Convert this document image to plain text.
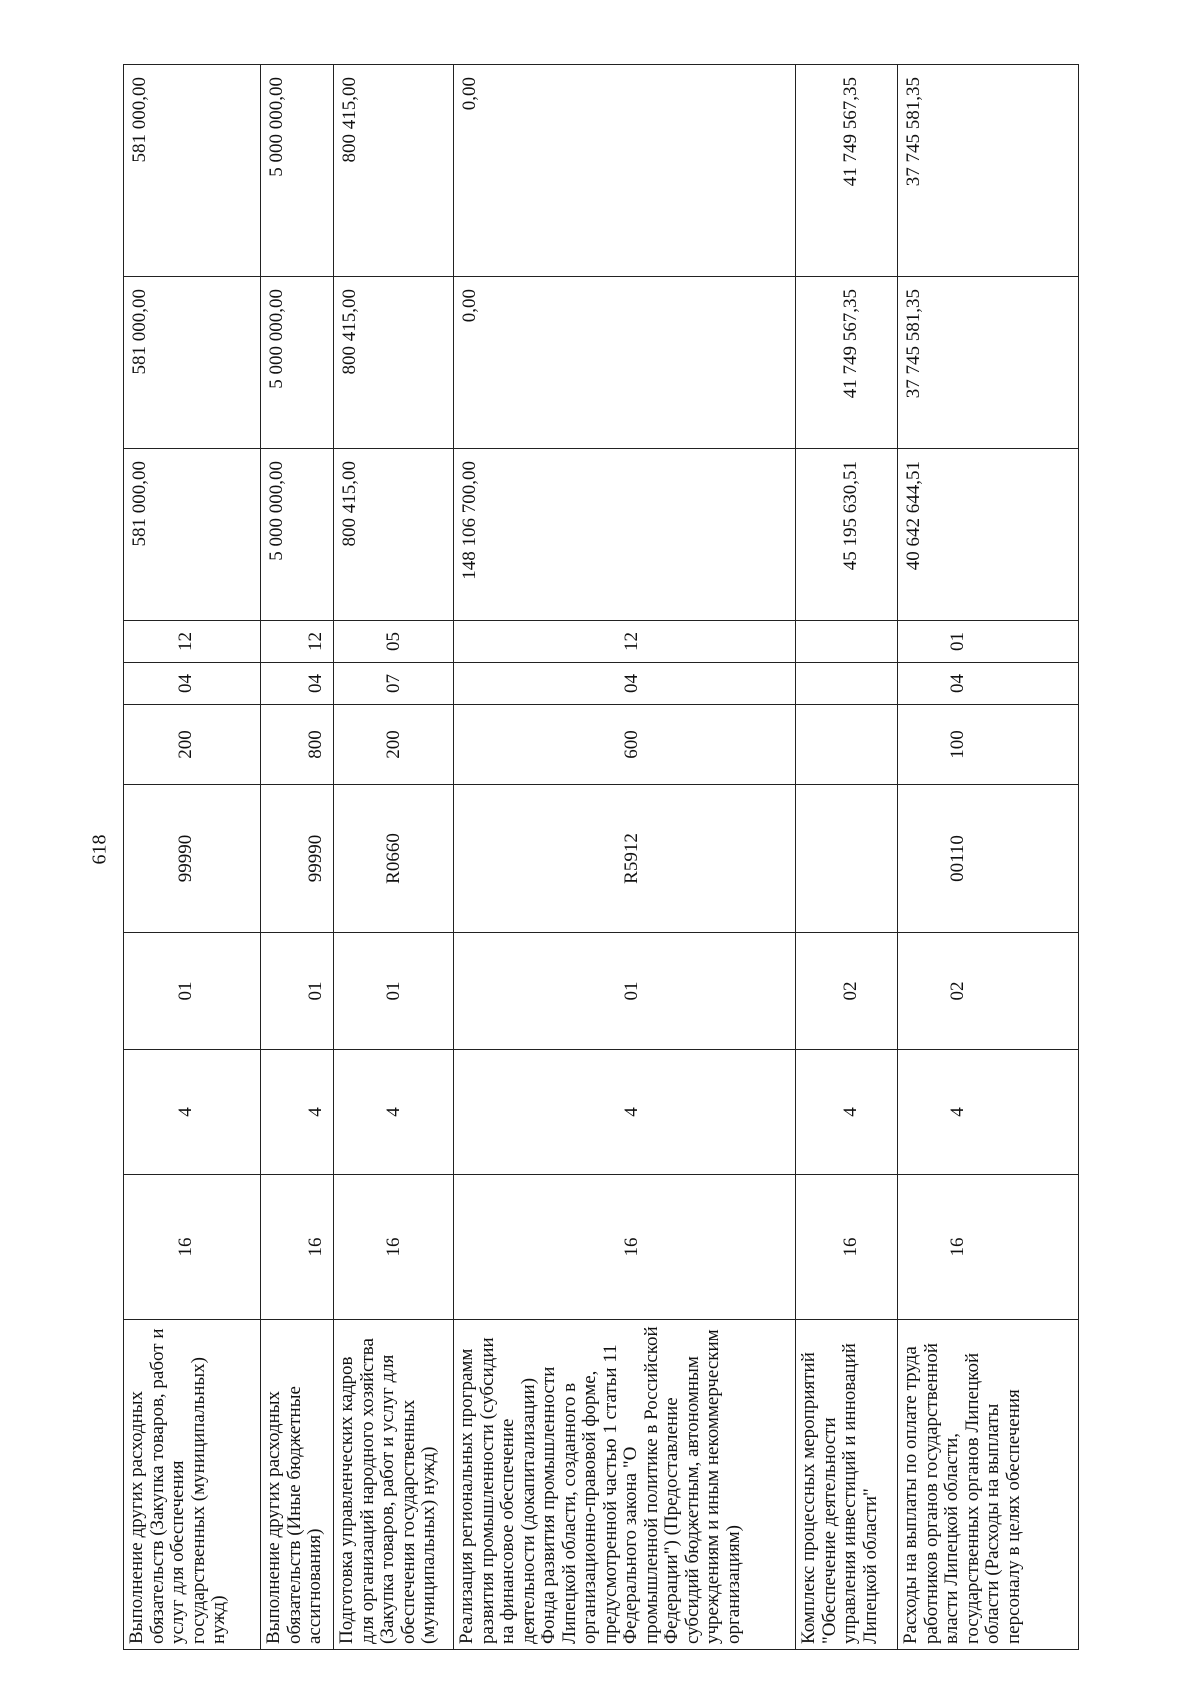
618
Выполнение других расходных обязательств (Закупка товаров, работ и услуг для обеспечения государственных (муниципальных) нужд)	16	4	01	99990	200	04	12	581 000,00	581 000,00	581 000,00
Выполнение других расходных обязательств (Иные бюджетные ассигнования)	16	4	01	99990	800	04	12	5 000 000,00	5 000 000,00	5 000 000,00
Подготовка управленческих кадров для организаций народного хозяйства (Закупка товаров, работ и услуг для обеспечения государственных (муниципальных) нужд)	16	4	01	R0660	200	07	05	800 415,00	800 415,00	800 415,00
Реализация региональных программ развития промышленности (субсидии на финансовое обеспечение деятельности (докапитализации) Фонда развития промышленности Липецкой области, созданного в организационно-правовой форме, предусмотренной частью 1 статьи 11 Федерального закона "О промышленной политике в Российской Федерации") (Предоставление субсидий бюджетным, автономным учреждениям и иным некоммерческим организациям)	16	4	01	R5912	600	04	12	148 106 700,00	0,00	0,00
Комплекс процессных мероприятий "Обеспечение деятельности управления инвестиций и инноваций Липецкой области"	16	4	02					45 195 630,51	41 749 567,35	41 749 567,35
Расходы на выплаты по оплате труда работников органов государственной власти Липецкой области, государственных органов Липецкой области (Расходы на выплаты персоналу в целях обеспечения	16	4	02	00110	100	04	01	40 642 644,51	37 745 581,35	37 745 581,35
